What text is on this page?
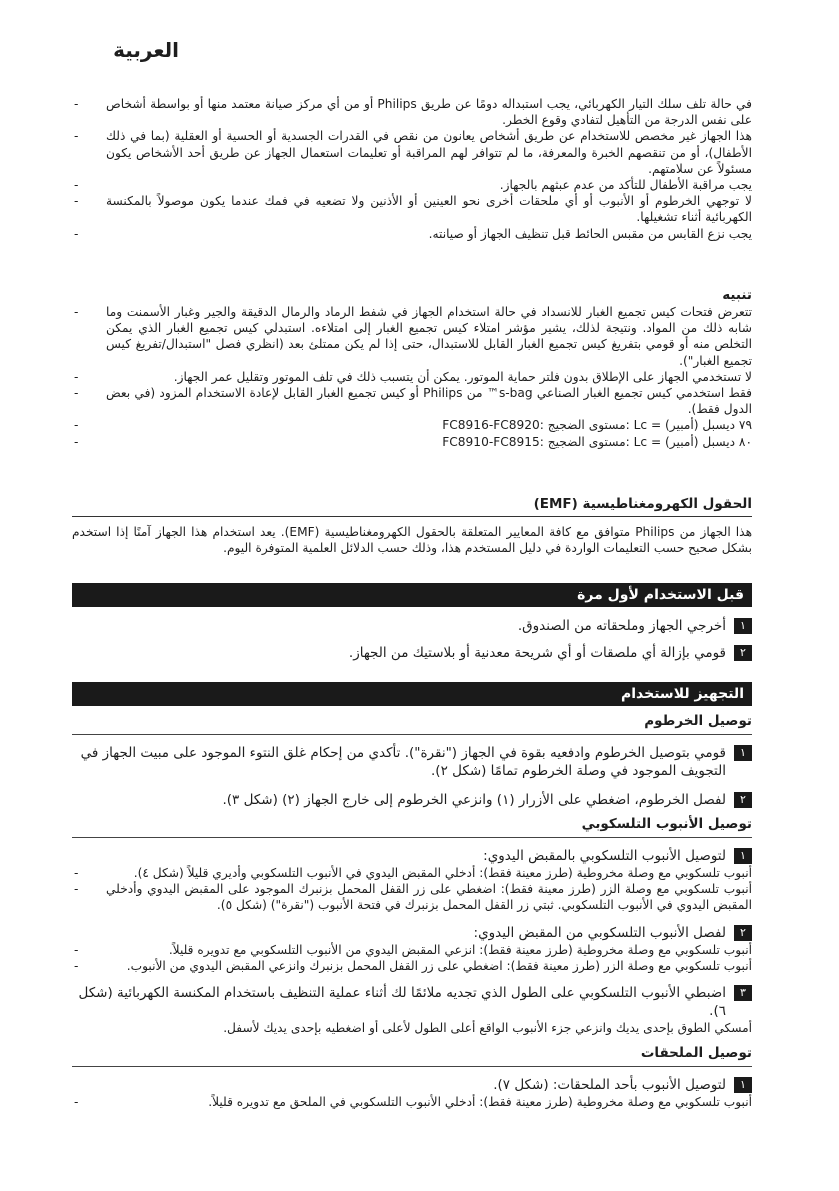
العربية
في حالة تلف سلك التيار الكهربائي، يجب استبداله دومًا عن طريق Philips أو من أي مركز صيانة معتمد منها أو بواسطة أشخاص على نفس الدرجة من التأهيل لتفادي وقوع الخطر. -
هذا الجهاز غير مخصص للاستخدام عن طريق أشخاص يعانون من نقص في القدرات الجسدية أو الحسية أو العقلية (بما في ذلك الأطفال)، أو من تنقصهم الخبرة والمعرفة، ما لم تتوافر لهم المراقبة أو تعليمات استعمال الجهاز عن طريق أحد الأشخاص يكون مسئولاً عن سلامتهم. -
يجب مراقبة الأطفال للتأكد من عدم عبثهم بالجهاز. -
لا توجهي الخرطوم أو الأنبوب أو أي ملحقات أخرى نحو العينين أو الأذنين ولا تضعيه في فمك عندما يكون موصولاً بالمكنسة الكهربائية أثناء تشغيلها. -
يجب نزع القابس من مقبس الحائط قبل تنظيف الجهاز أو صيانته. -
تنبيه
تتعرض فتحات كيس تجميع الغبار للانسداد في حالة استخدام الجهاز في شفط الرماد والرمال الدقيقة والجير وغبار الأسمنت وما شابه ذلك من المواد. ونتيجة لذلك، يشير مؤشر امتلاء كيس تجميع الغبار إلى امتلاءه. استبدلي كيس تجميع الغبار الذي يمكن التخلص منه أو قومي بتفريغ كيس تجميع الغبار القابل للاستبدال، حتى إذا لم يكن ممتلئ بعد (انظري فصل "استبدال/تفريغ كيس تجميع الغبار"). -
لا تستخدمي الجهاز على الإطلاق بدون فلتر حماية الموتور. يمكن أن يتسبب ذلك في تلف الموتور وتقليل عمر الجهاز. -
فقط استخدمي كيس تجميع الغبار الصناعي s-bag™ من Philips أو كيس تجميع الغبار القابل لإعادة الاستخدام المزود (في بعض الدول فقط). -
FC8916-FC8920: مستوى الضجيج: Lc = ٧٩ ديسبل (أمبير) -
FC8910-FC8915: مستوى الضجيج: Lc = ٨٠ ديسبل (أمبير) -
الحقول الكهرومغناطيسية (EMF)
هذا الجهاز من Philips متوافق مع كافة المعايير المتعلقة بالحقول الكهرومغناطيسية (EMF). يعد استخدام هذا الجهاز آمنًا إذا استخدم بشكل صحيح حسب التعليمات الواردة في دليل المستخدم هذا، وذلك حسب الدلائل العلمية المتوفرة اليوم.
قبل الاستخدام لأول مرة
١
أخرجي الجهاز وملحقاته من الصندوق.
٢
قومي بإزالة أي ملصقات أو أي شريحة معدنية أو بلاستيك من الجهاز.
التجهيز للاستخدام
توصيل الخرطوم
١
قومي بتوصيل الخرطوم وادفعيه بقوة في الجهاز ("نقرة"). تأكدي من إحكام غلق النتوء الموجود على مبيت الجهاز في التجويف الموجود في وصلة الخرطوم تمامًا (شكل ٢).
٢
لفصل الخرطوم، اضغطي على الأزرار (١) وانزعي الخرطوم إلى خارج الجهاز (٢) (شكل ٣).
توصيل الأنبوب التلسكوبي
١
لتوصيل الأنبوب التلسكوبي بالمقبض اليدوي:
أنبوب تلسكوبي مع وصلة مخروطية (طرز معينة فقط): أدخلي المقبض اليدوي في الأنبوب التلسكوبي وأديري قليلاً (شكل ٤). -
أنبوب تلسكوبي مع وصلة الزر (طرز معينة فقط): اضغطي على زر القفل المحمل بزنبرك الموجود على المقبض اليدوي وأدخلي المقبض اليدوي في الأنبوب التلسكوبي. ثبتي زر القفل المحمل بزنبرك في فتحة الأنبوب ("نقرة") (شكل ٥). -
٢
لفصل الأنبوب التلسكوبي من المقبض اليدوي:
أنبوب تلسكوبي مع وصلة مخروطية (طرز معينة فقط): انزعي المقبض اليدوي من الأنبوب التلسكوبي مع تدويره قليلاً. -
أنبوب تلسكوبي مع وصلة الزر (طرز معينة فقط): اضغطي على زر القفل المحمل بزنبرك وانزعي المقبض اليدوي من الأنبوب. -
٣
اضبطي الأنبوب التلسكوبي على الطول الذي تجديه ملائمًا لك أثناء عملية التنظيف باستخدام المكنسة الكهربائية (شكل ٦).
أمسكي الطوق بإحدى يديك وانزعي جزء الأنبوب الواقع أعلى الطول لأعلى أو اضغطيه بإحدى يديك لأسفل.
توصيل الملحقات
١
لتوصيل الأنبوب بأحد الملحقات: (شكل ٧).
أنبوب تلسكوبي مع وصلة مخروطية (طرز معينة فقط): أدخلي الأنبوب التلسكوبي في الملحق مع تدويره قليلاً. -
